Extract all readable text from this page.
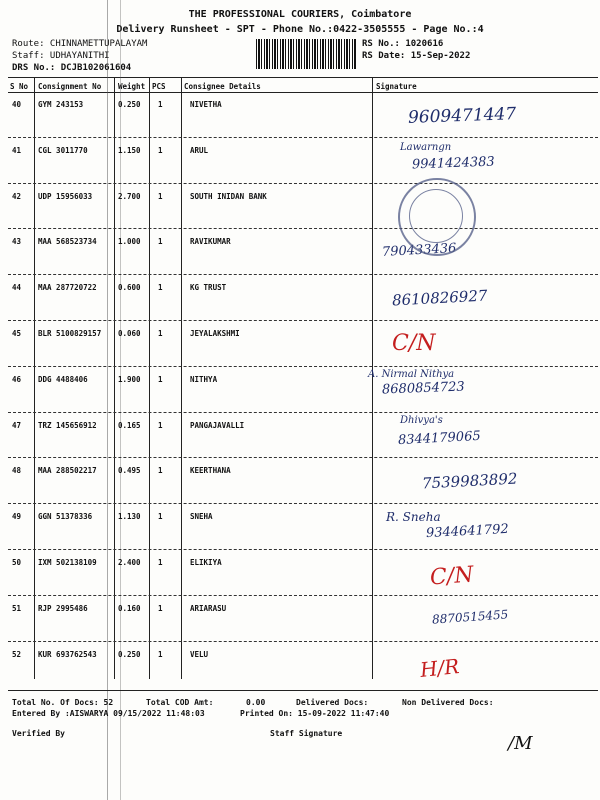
THE PROFESSIONAL COURIERS, Coimbatore
Delivery Runsheet - SPT - Phone No.:0422-3505555 - Page No.:4
Route: CHINNAMETTUPALAYAM
Staff: UDHAYANITHI
DRS No.: DCJB102061604
RS No.: 1020616
RS Date: 15-Sep-2022
S No Consignment No Weight PCS Consignee Details	Signature
40 GYM 243153	0.250 1	NIVETHA	9609471447
41 CGL 3011770	1.150 1	ARUL
9941424383
Lawarngn
42 UDP 15956033	2.700 1	SOUTH INIDAN BANK
43 MAA 568523734	1.000 1	RAVIKUMAR	790433436
44 MAA 287720722	0.600 1	KG TRUST	8610826927
45 BLR 5100829157 0.060 1	JEYALAKSHMI	C/N
46 DDG 4488406	1.900 1	NITHYA
8680854723
A. Nirmal Nithya
47 TRZ 145656912	0.165 1	PANGAJAVALLI
8344179065
Dhivya's
48 MAA 288502217	0.495 1	KEERTHANA	7539983892
49 GGN 51378336	1.130 1	SNEHA
9344641792
R. Sneha
50 IXM 502138109	2.400 1	ELIKIYA
C/N
51 RJP 2995486	0.160 1	ARIARASU	8870515455
52 KUR 693762543	0.250 1	VELU	H/R
Total No. Of Docs: 52	Total COD Amt:	0.00	Delivered Docs:	Non Delivered Docs:
Entered By :AISWARYA 09/15/2022 11:48:03	Printed On: 15-09-2022 11:47:40
Verified By	Staff Signature	/M
